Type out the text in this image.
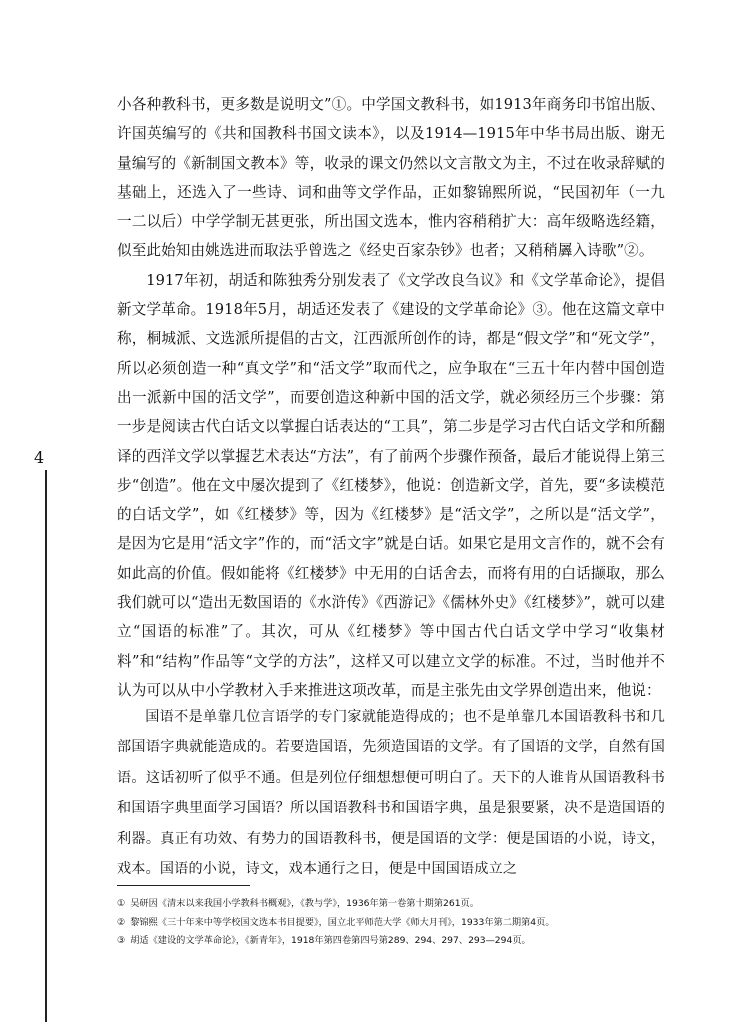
4

小各种教科书，更多数是说明文”①。中学国文教科书，如1913年商务印书馆出版、许国英编写的《共和国教科书国文读本》，以及1914—1915年中华书局出版、谢无量编写的《新制国文教本》等，收录的课文仍然以文言散文为主，不过在收录辞赋的基础上，还选入了一些诗、词和曲等文学作品，正如黎锦熙所说，“民国初年（一九一二以后）中学学制无甚更张，所出国文选本，惟内容稍稍扩大：高年级略选经籍，似至此始知由姚选进而取法乎曾选之《经史百家杂钞》也者；又稍稍羼入诗歌”②。

1917年初，胡适和陈独秀分别发表了《文学改良刍议》和《文学革命论》，提倡新文学革命。1918年5月，胡适还发表了《建设的文学革命论》③。他在这篇文章中称，桐城派、文选派所提倡的古文，江西派所创作的诗，都是“假文学”和“死文学”，所以必须创造一种“真文学”和“活文学”取而代之，应争取在“三五十年内替中国创造出一派新中国的活文学”，而要创造这种新中国的活文学，就必须经历三个步骤：第一步是阅读古代白话文以掌握白话表达的“工具”，第二步是学习古代白话文学和所翻译的西洋文学以掌握艺术表达“方法”，有了前两个步骤作预备，最后才能说得上第三步“创造”。他在文中屡次提到了《红楼梦》，他说：创造新文学，首先，要“多读模范的白话文学”，如《红楼梦》等，因为《红楼梦》是“活文学”，之所以是“活文学”，是因为它是用“活文字”作的，而“活文字”就是白话。如果它是用文言作的，就不会有如此高的价值。假如能将《红楼梦》中无用的白话舍去，而将有用的白话撷取，那么我们就可以“造出无数国语的《水浒传》《西游记》《儒林外史》《红楼梦》”，就可以建立“国语的标准”了。其次，可从《红楼梦》等中国古代白话文学中学习“收集材料”和“结构”作品等“文学的方法”，这样又可以建立文学的标准。不过，当时他并不认为可以从中小学教材入手来推进这项改革，而是主张先由文学界创造出来，他说：

国语不是单靠几位言语学的专门家就能造得成的；也不是单靠几本国语教科书和几部国语字典就能造成的。若要造国语，先须造国语的文学。有了国语的文学，自然有国语。这话初听了似乎不通。但是列位仔细想想便可明白了。天下的人谁肯从国语教科书和国语字典里面学习国语？所以国语教科书和国语字典，虽是狠要紧，决不是造国语的利器。真正有功效、有势力的国语教科书，便是国语的文学：便是国语的小说，诗文，戏本。国语的小说，诗文，戏本通行之日，便是中国国语成立之

① 吴研因《清末以来我国小学教科书概观》，《教与学》，1936年第一卷第十期第261页。
② 黎锦熙《三十年来中等学校国文选本书目提要》，国立北平师范大学《师大月刊》，1933年第二期第4页。
③ 胡适《建设的文学革命论》，《新青年》，1918年第四卷第四号第289、294、297、293—294页。
